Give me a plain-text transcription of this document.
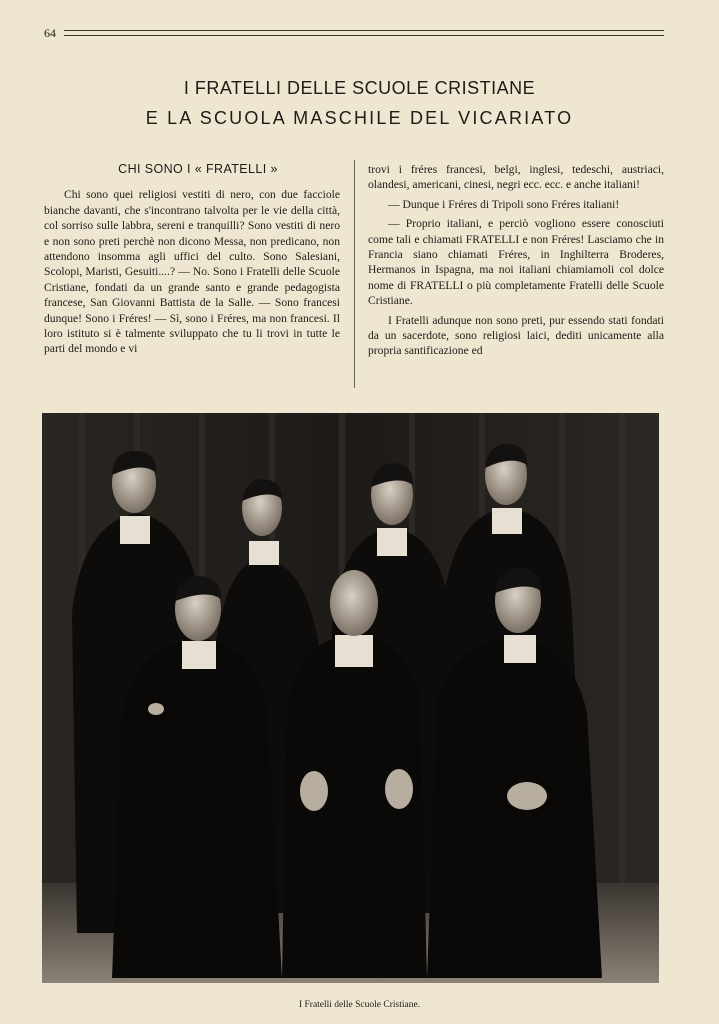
64
I FRATELLI DELLE SCUOLE CRISTIANE
E LA SCUOLA MASCHILE DEL VICARIATO
CHI SONO I « FRATELLI »

Chi sono quei religiosi vestiti di nero, con due facciole bianche davanti, che s'incontrano talvolta per le vie della città, col sorriso sulle labbra, sereni e tranquilli? Sono vestiti di nero e non sono preti perchè non dicono Messa, non predicano, non attendono insomma agli uffici del culto. Sono Salesiani, Scolopi, Maristi, Gesuiti....? — No. Sono i Fratelli delle Scuole Cristiane, fondati da un grande santo e grande pedagogista francese, San Giovanni Battista de la Salle. — Sono francesi dunque! Sono i Fréres! — Sì, sono i Fréres, ma non francesi. Il loro istituto si è talmente sviluppato che tu li trovi in tutte le parti del mondo e vi

trovi i fréres francesi, belgi, inglesi, tedeschi, austriaci, olandesi, americani, cinesi, negri ecc. ecc. e anche italiani!

— Dunque i Fréres di Tripoli sono Fréres italiani!

— Proprio italiani, e perciò vogliono essere conosciuti come tali e chiamati FRATELLI e non Fréres! Lasciamo che in Francia siano chiamati Fréres, in Inghilterra Broderes, Hermanos in Ispagna, ma noi italiani chiamiamoli col dolce nome di FRATELLI o più completamente Fratelli delle Scuole Cristiane.

I Fratelli adunque non sono preti, pur essendo stati fondati da un sacerdote, sono religiosi laici, dediti unicamente alla propria santificazione ed

I Fratelli delle Scuole Cristiane.
